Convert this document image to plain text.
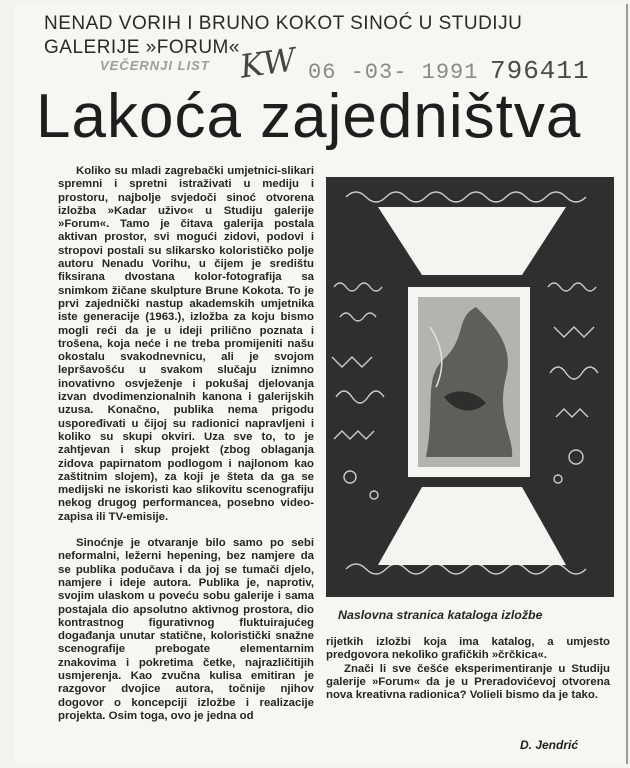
NENAD VORIH I BRUNO KOKOT SINOĆ U STUDIJU GALERIJE »FORUM«
VEČERNJI LIST KW 06 -03- 1991 796411
Lakoća zajedništva

Koliko su mladi zagrebački umjetnici-slikari spremni i spretni istraživati u mediju i prostoru, najbolje svjedoči sinoć otvorena izložba »Kadar uživo« u Studiju galerije »Forum«. Tamo je čitava galerija postala aktivan prostor, svi mogući zidovi, podovi i stropovi postali su slikarsko kolorističko polje autoru Nenadu Vorihu, u čijem je središtu fiksirana dvostana kolor-fotografija sa snimkom žičane skulpture Brune Kokota. To je prvi zajednički nastup akademskih umjetnika iste generacije (1963.), izložba za koju bismo mogli reći da je u ideji prilično poznata i trošena, koja neće i ne treba promijeniti našu okostalu svakodnevnicu, ali je svojom lepršavošću u svakom slučaju iznimno inovativno osvježenje i pokušaj djelovanja izvan dvodimenzionalnih kanona i galerijskih uzusa. Konačno, publika nema prigodu uspoređivati u čijoj su radionici napravljeni i koliko su skupi okviri. Uza sve to, to je zahtjevan i skup projekt (zbog oblaganja zidova papirnatom podlogom i najlonom kao zaštitnim slojem), za koji je šteta da ga se medijski ne iskoristi kao slikovitu scenografiju nekog drugog performancea, posebno video-zapisa ili TV-emisije.

Sinoćnje je otvaranje bilo samo po sebi neformalni, ležerni hepening, bez namjere da se publika podučava i da joj se tumači djelo, namjere i ideje autora. Publika je, naprotiv, svojim ulaskom u poveću sobu galerije i sama postajala dio apsolutno aktivnog prostora, dio kontrastnog figurativnog fluktuirajućeg događanja unutar statične, koloristički snažne scenografije prebogate elementarnim znakovima i pokretima četke, najrazličitijih usmjerenja. Kao zvučna kulisa emitiran je razgovor dvojice autora, točnije njihov dogovor o koncepciji izložbe i realizacije projekta. Osim toga, ovo je jedna od

Naslovna stranica kataloga izložbe

rijetkih izložbi koja ima katalog, a umjesto predgovora nekoliko grafičkih »črčkica«.

Znači li sve češće eksperimentiranje u Studiju galerije »Forum« da je u Preradovićevoj otvorena nova kreativna radionica? Volieli bismo da je tako.

D. Jendrić
